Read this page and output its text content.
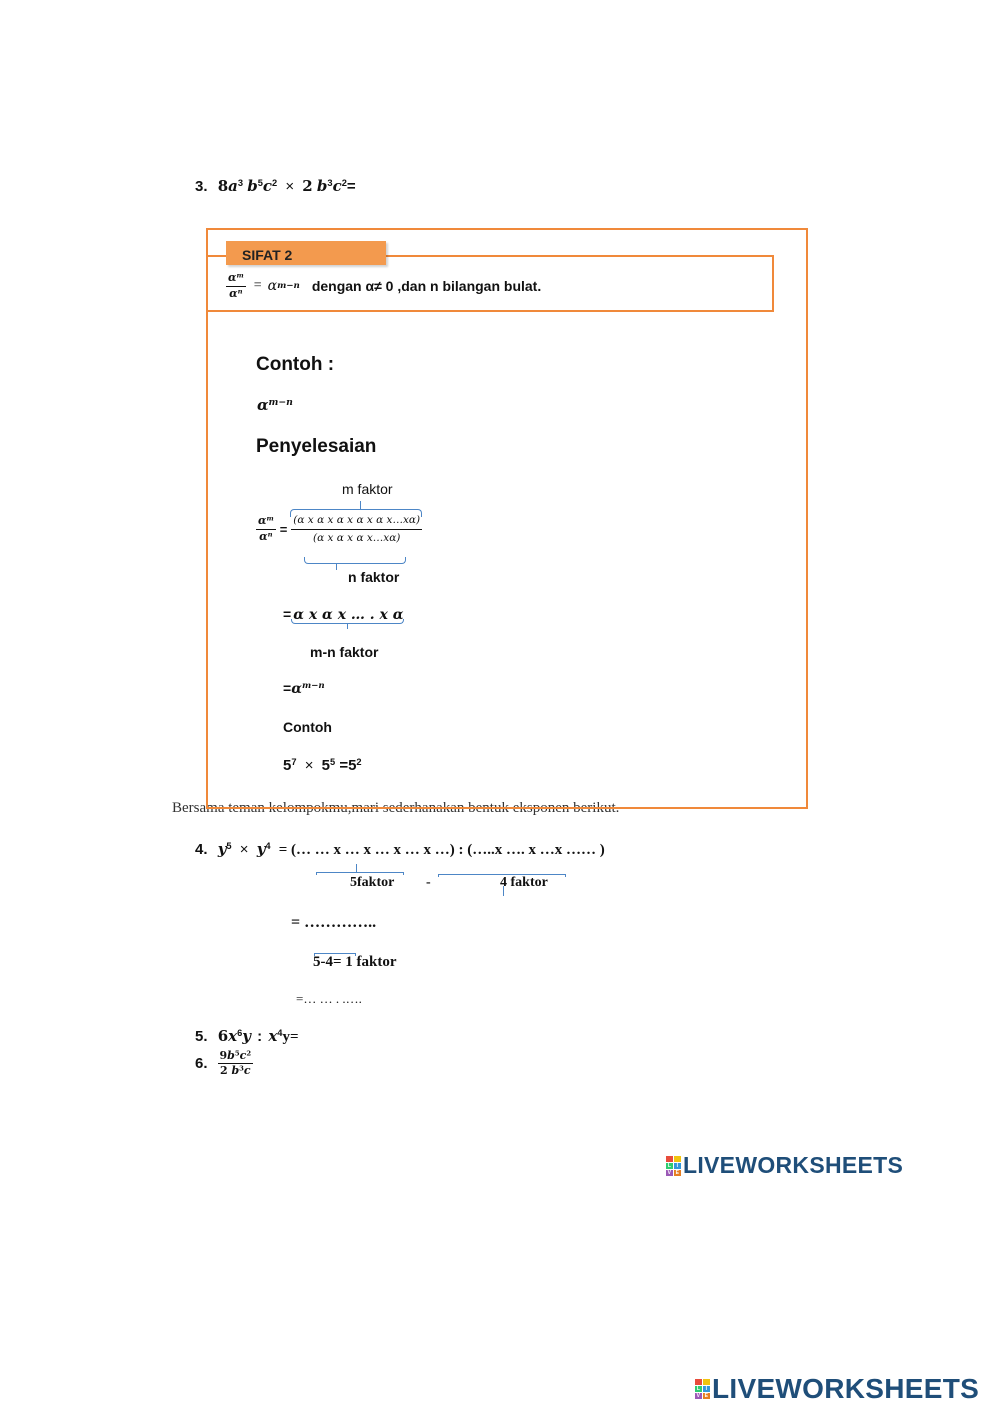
3. $8a^3$ $b^5c^2 \times 2$ $b^3c^2=$
SIFAT 2
$\frac{\alpha^m}{\alpha^n} = \alpha$ m−n dengan α≠ 0 ,dan n bilangan bulat.
Contoh :
$\alpha^{m-n}$
Penyelesaian
m faktor
$\frac{\alpha^m}{\alpha^n} = \frac{\text{(α x α x α x α x α x…xα)}}{\text{(α x α x α x…xα)}}$
n faktor
= α x α x … . x α
m-n faktor
$=\alpha^{m-n}$
Contoh
$5^7 \times 5^5 =5^2$
Bersama teman kelompokmu,mari sederhanakan bentuk eksponen berikut.
4. $y^5 \times y^4$ = (… … x … x … x … x …) : (…..x …. x …x …… )
5faktor -	4 faktor
= …………..
5-4= 1 faktor
=… … . .….
5. $6x^6y$ : $x^4y=$
6. $\frac{9b^5c^2}{2 b^3c}$
L	I
V E LIVEWORKSHEETS
L	I
V E LIVEWORKSHEETS
